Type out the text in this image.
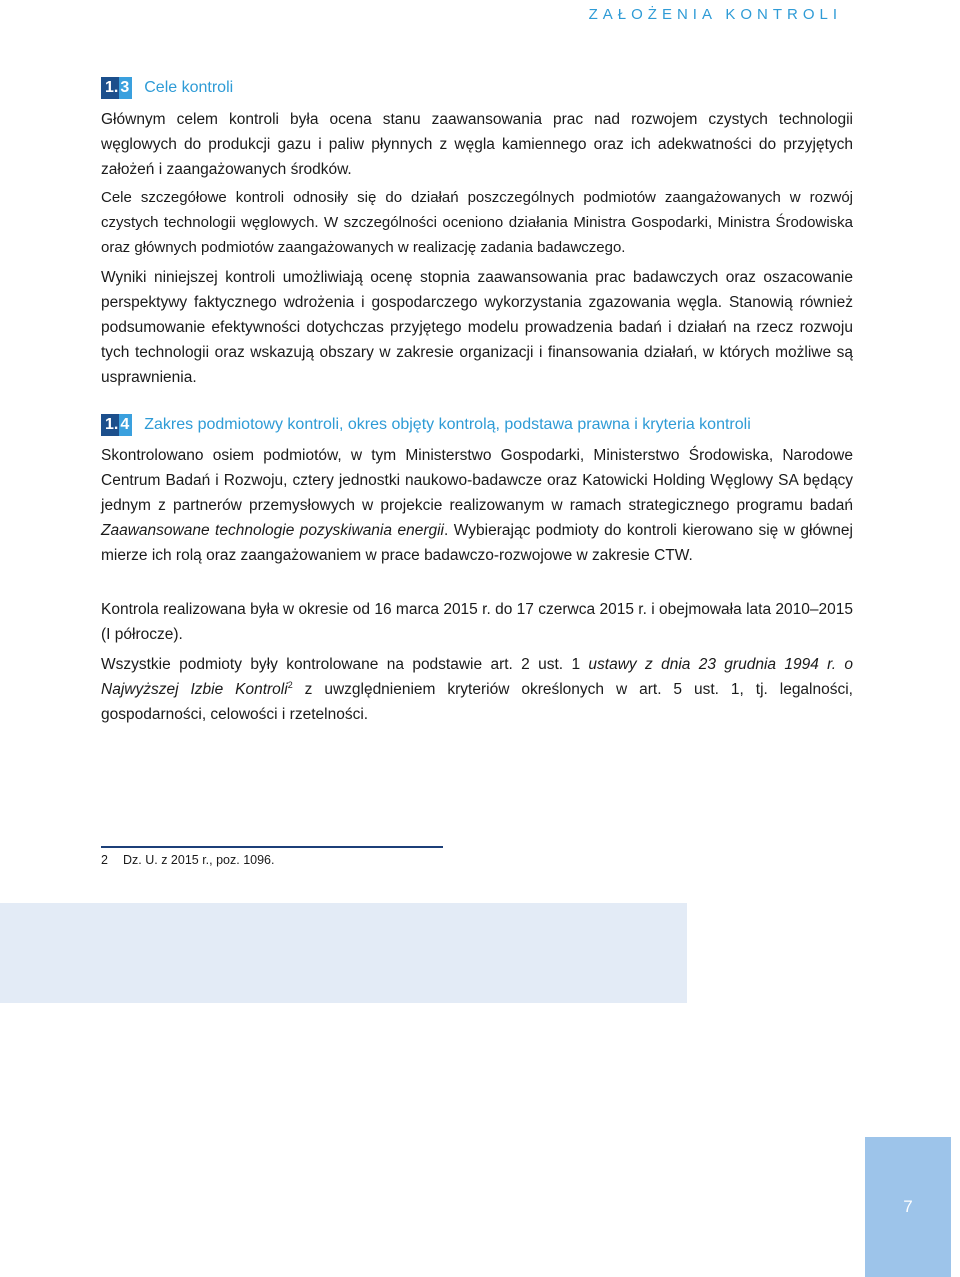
ZAŁOŻENIA KONTROLI
1. 3 Cele kontroli

Głównym celem kontroli była ocena stanu zaawansowania prac nad rozwojem czystych technologii węglowych do produkcji gazu i paliw płynnych z węgla kamiennego oraz ich adekwatności do przyjętych założeń i zaangażowanych środków.

Cele szczegółowe kontroli odnosiły się do działań poszczególnych podmiotów zaangażowanych w rozwój czystych technologii węglowych. W szczególności oceniono działania Ministra Gospodarki, Ministra Środowiska oraz głównych podmiotów zaangażowanych w realizację zadania badawczego.

Wyniki niniejszej kontroli umożliwiają ocenę stopnia zaawansowania prac badawczych oraz oszacowanie perspektywy faktycznego wdrożenia i gospodarczego wykorzystania zgazowania węgla. Stanowią również podsumowanie efektywności dotychczas przyjętego modelu prowadzenia badań i działań na rzecz rozwoju tych technologii oraz wskazują obszary w zakresie organizacji i finansowania działań, w których możliwe są usprawnienia.

1. 4 Zakres podmiotowy kontroli, okres objęty kontrolą, podstawa prawna i kryteria kontroli

Skontrolowano osiem podmiotów, w tym Ministerstwo Gospodarki, Ministerstwo Środowiska, Narodowe Centrum Badań i Rozwoju, cztery jednostki naukowo-badawcze oraz Katowicki Holding Węglowy SA będący jednym z partnerów przemysłowych w projekcie realizowanym w ramach strategicznego programu badań Zaawansowane technologie pozyskiwania energii. Wybierając podmioty do kontroli kierowano się w głównej mierze ich rolą oraz zaangażowaniem w prace badawczo-rozwojowe w zakresie CTW.

Kontrola realizowana była w okresie od 16 marca 2015 r. do 17 czerwca 2015 r. i obejmowała lata 2010–2015 (I półrocze).

Wszystkie podmioty były kontrolowane na podstawie art. 2 ust. 1 ustawy z dnia 23 grudnia 1994 r. o Najwyższej Izbie Kontroli$^2$ z uwzględnieniem kryteriów określonych w art. 5 ust. 1, tj. legalności, gospodarności, celowości i rzetelności.

2 Dz. U. z 2015 r., poz. 1096.
7
